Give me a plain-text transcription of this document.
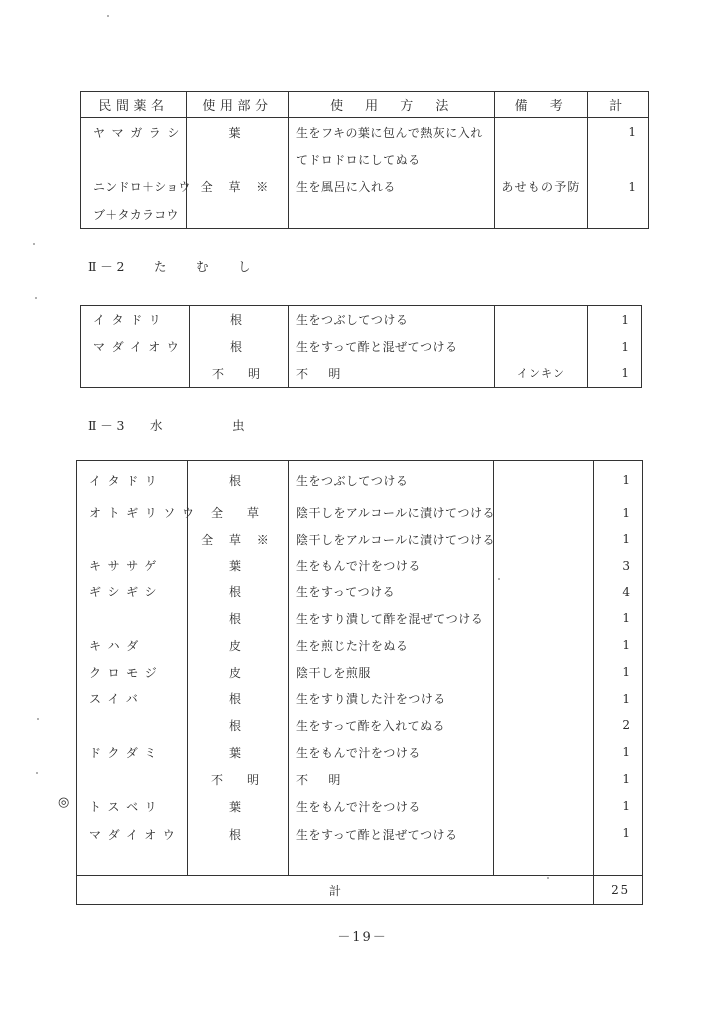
民間薬名	使用部分	使　用　方　法	備　考	計
ヤマガラシ	葉	生をフキの葉に包んで熱灰に入れ		1
		てドロドロにしてぬる		
ニンドロ＋ショウ	全 草 ※	生を風呂に入れる	あせもの予防	1
ブ＋タカラコウ				
Ⅱ－2 た む し
イタドリ	根	生をつぶしてつける		1
マダイオウ	根	生をすって酢と混ぜてつける		1
	不　明	不　明	インキン	1
Ⅱ－3 水	虫
イタドリ	根	生をつぶしてつける		1
オトギリソウ	全　草	陰干しをアルコールに漬けてつける		1
	全 草 ※	陰干しをアルコールに漬けてつける		1
キササゲ	葉	生をもんで汁をつける		3
ギシギシ	根	生をすってつける		4
	根	生をすり潰して酢を混ぜてつける		1
キハダ	皮	生を煎じた汁をぬる		1
クロモジ	皮	陰干しを煎服		1
スイバ	根	生をすり潰した汁をつける		1
	根	生をすって酢を入れてぬる		2
ドクダミ	葉	生をもんで汁をつける		1
	不　明	不　明		1
トスベリ	葉	生をもんで汁をつける		1
マダイオウ	根	生をすって酢と混ぜてつける		1
計				25
◎
－19－
